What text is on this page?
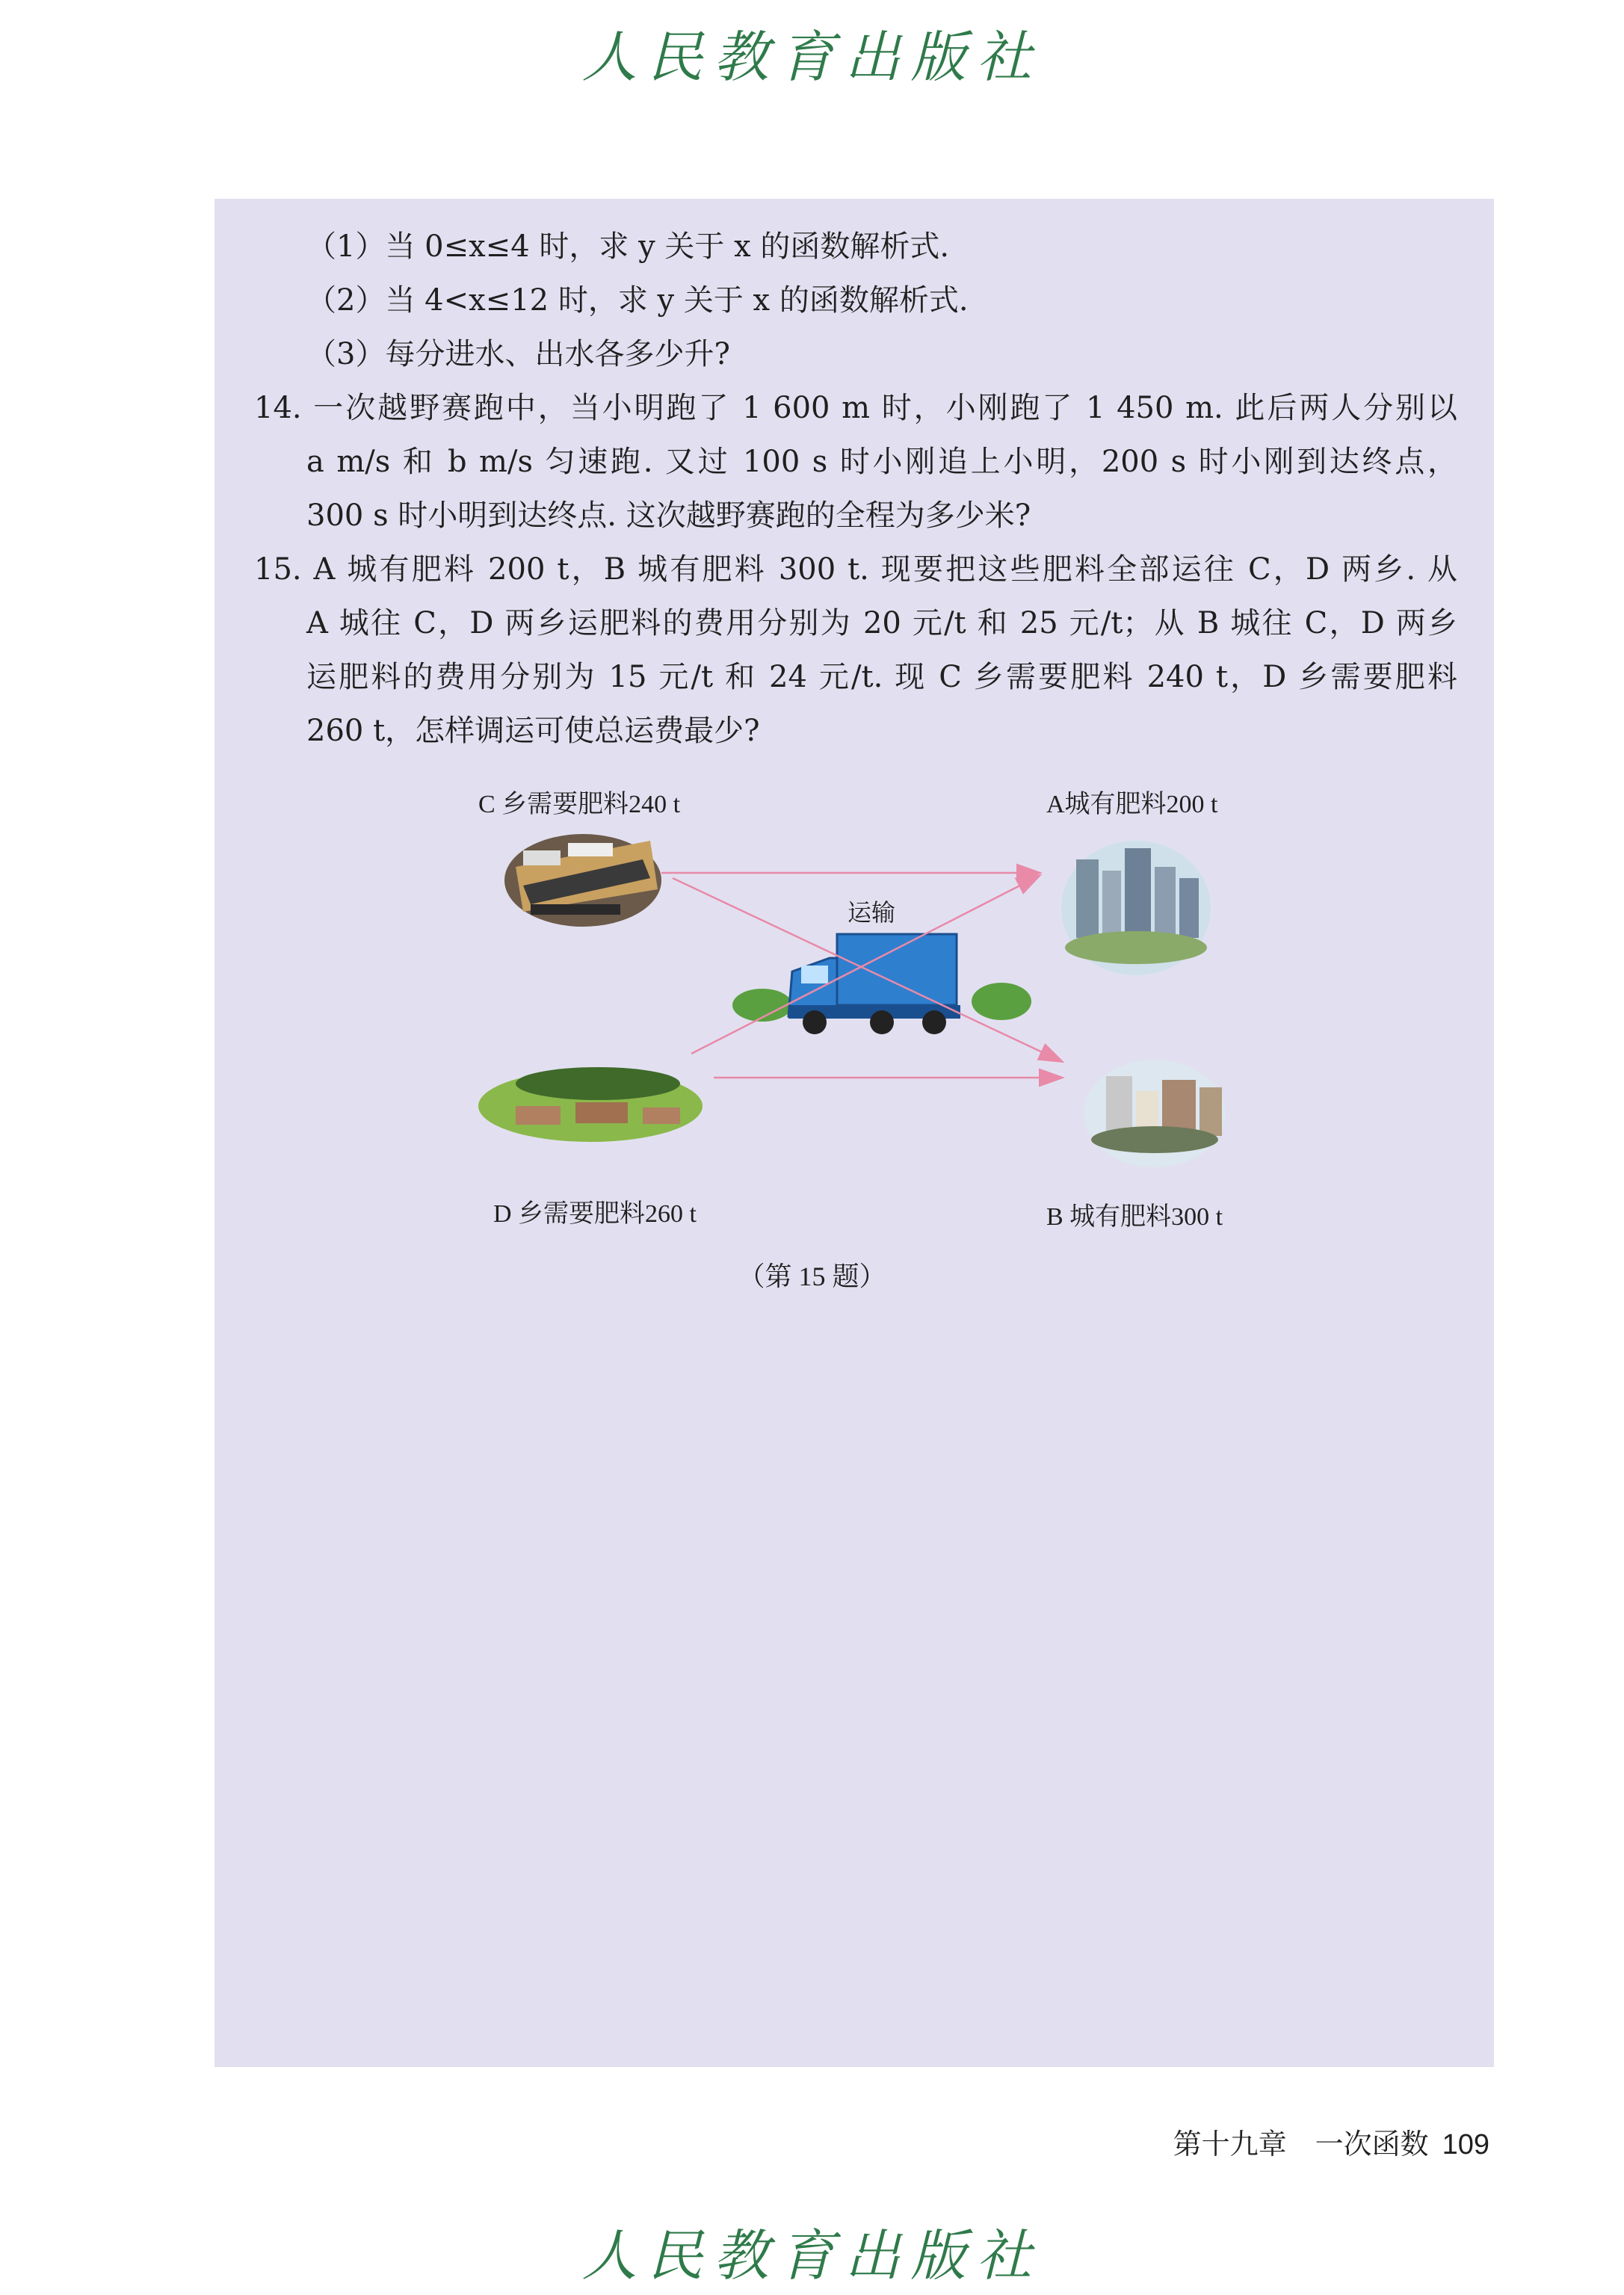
人民教育出版社
（1）当 0≤x≤4 时，求 y 关于 x 的函数解析式.
（2）当 4<x≤12 时，求 y 关于 x 的函数解析式.
（3）每分进水、出水各多少升?
14. 一次越野赛跑中，当小明跑了 1 600 m 时，小刚跑了 1 450 m. 此后两人分别以
a m/s 和 b m/s 匀速跑. 又过 100 s 时小刚追上小明，200 s 时小刚到达终点，
300 s 时小明到达终点. 这次越野赛跑的全程为多少米?
15. A 城有肥料 200 t，B 城有肥料 300 t. 现要把这些肥料全部运往 C，D 两乡. 从
A 城往 C，D 两乡运肥料的费用分别为 20 元/t 和 25 元/t；从 B 城往 C，D 两乡
运肥料的费用分别为 15 元/t 和 24 元/t. 现 C 乡需要肥料 240 t，D 乡需要肥料
260 t，怎样调运可使总运费最少?
C 乡需要肥料240 t	A城有肥料200 t
运输
D 乡需要肥料260 t	B 城有肥料300 t
（第 15 题）
第十九章　一次函数 109
人民教育出版社
